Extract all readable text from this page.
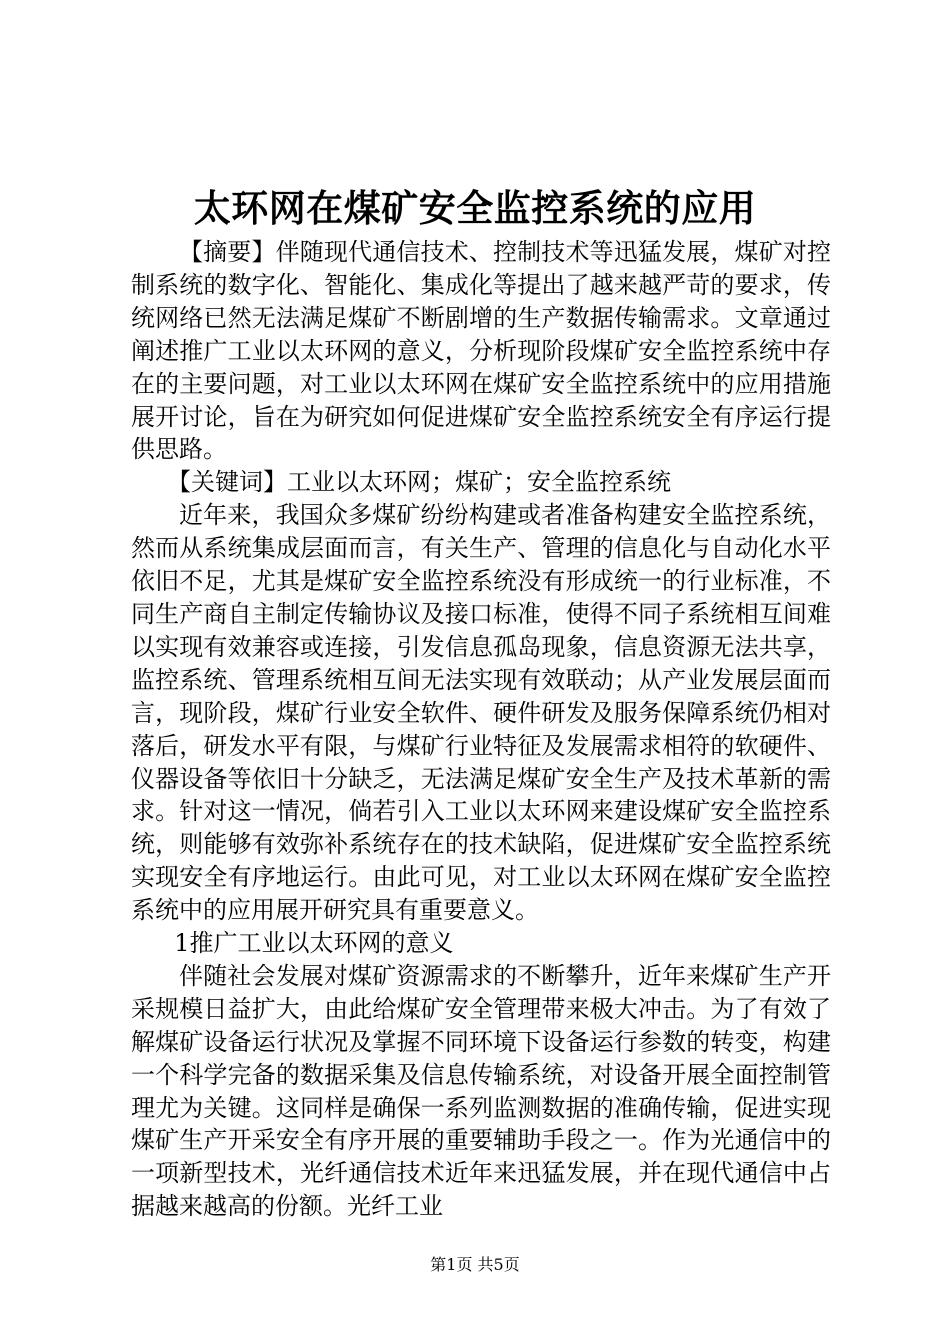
太环网在煤矿安全监控系统的应用

【摘要】伴随现代通信技术、控制技术等迅猛发展，煤矿对控制系统的数字化、智能化、集成化等提出了越来越严苛的要求，传统网络已然无法满足煤矿不断剧增的生产数据传输需求。文章通过阐述推广工业以太环网的意义，分析现阶段煤矿安全监控系统中存在的主要问题，对工业以太环网在煤矿安全监控系统中的应用措施展开讨论，旨在为研究如何促进煤矿安全监控系统安全有序运行提供思路。

【关键词】工业以太环网；煤矿；安全监控系统

近年来，我国众多煤矿纷纷构建或者准备构建安全监控系统，然而从系统集成层面而言，有关生产、管理的信息化与自动化水平依旧不足，尤其是煤矿安全监控系统没有形成统一的行业标准，不同生产商自主制定传输协议及接口标准，使得不同子系统相互间难以实现有效兼容或连接，引发信息孤岛现象，信息资源无法共享，监控系统、管理系统相互间无法实现有效联动；从产业发展层面而言，现阶段，煤矿行业安全软件、硬件研发及服务保障系统仍相对落后，研发水平有限，与煤矿行业特征及发展需求相符的软硬件、仪器设备等依旧十分缺乏，无法满足煤矿安全生产及技术革新的需求。针对这一情况，倘若引入工业以太环网来建设煤矿安全监控系统，则能够有效弥补系统存在的技术缺陷，促进煤矿安全监控系统实现安全有序地运行。由此可见，对工业以太环网在煤矿安全监控系统中的应用展开研究具有重要意义。

1推广工业以太环网的意义

伴随社会发展对煤矿资源需求的不断攀升，近年来煤矿生产开采规模日益扩大，由此给煤矿安全管理带来极大冲击。为了有效了解煤矿设备运行状况及掌握不同环境下设备运行参数的转变，构建一个科学完备的数据采集及信息传输系统，对设备开展全面控制管理尤为关键。这同样是确保一系列监测数据的准确传输，促进实现煤矿生产开采安全有序开展的重要辅助手段之一。作为光通信中的一项新型技术，光纤通信技术近年来迅猛发展，并在现代通信中占据越来越高的份额。光纤工业

第1页 共5页
